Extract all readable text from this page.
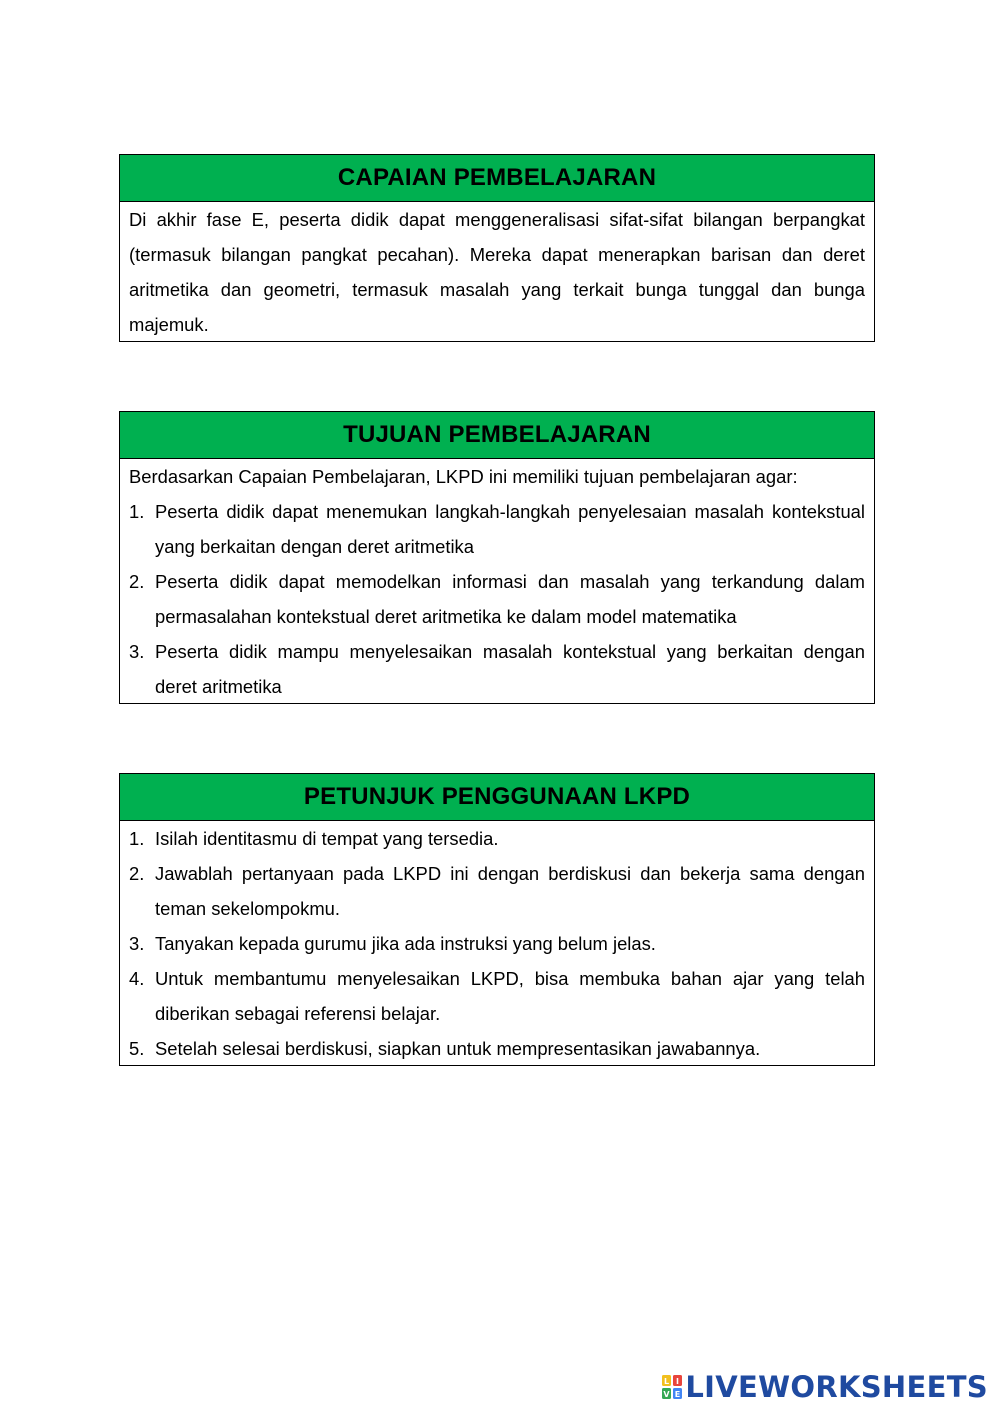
CAPAIAN PEMBELAJARAN

Di akhir fase E, peserta didik dapat menggeneralisasi sifat-sifat bilangan berpangkat (termasuk bilangan pangkat pecahan). Mereka dapat menerapkan barisan dan deret aritmetika dan geometri, termasuk masalah yang terkait bunga tunggal dan bunga majemuk.

TUJUAN PEMBELAJARAN

Berdasarkan Capaian Pembelajaran, LKPD ini memiliki tujuan pembelajaran agar:

1. Peserta didik dapat menemukan langkah-langkah penyelesaian masalah kontekstual yang berkaitan dengan deret aritmetika
2. Peserta didik dapat memodelkan informasi dan masalah yang terkandung dalam permasalahan kontekstual deret aritmetika ke dalam model matematika
3. Peserta didik mampu menyelesaikan masalah kontekstual yang berkaitan dengan deret aritmetika
PETUNJUK PENGGUNAAN LKPD
1. Isilah identitasmu di tempat yang tersedia.
2. Jawablah pertanyaan pada LKPD ini dengan berdiskusi dan bekerja sama dengan teman sekelompokmu.
3. Tanyakan kepada gurumu jika ada instruksi yang belum jelas.
4. Untuk membantumu menyelesaikan LKPD, bisa membuka bahan ajar yang telah diberikan sebagai referensi belajar.
5. Setelah selesai berdiskusi, siapkan untuk mempresentasikan jawabannya.
L I
V E LIVEWORKSHEETS
